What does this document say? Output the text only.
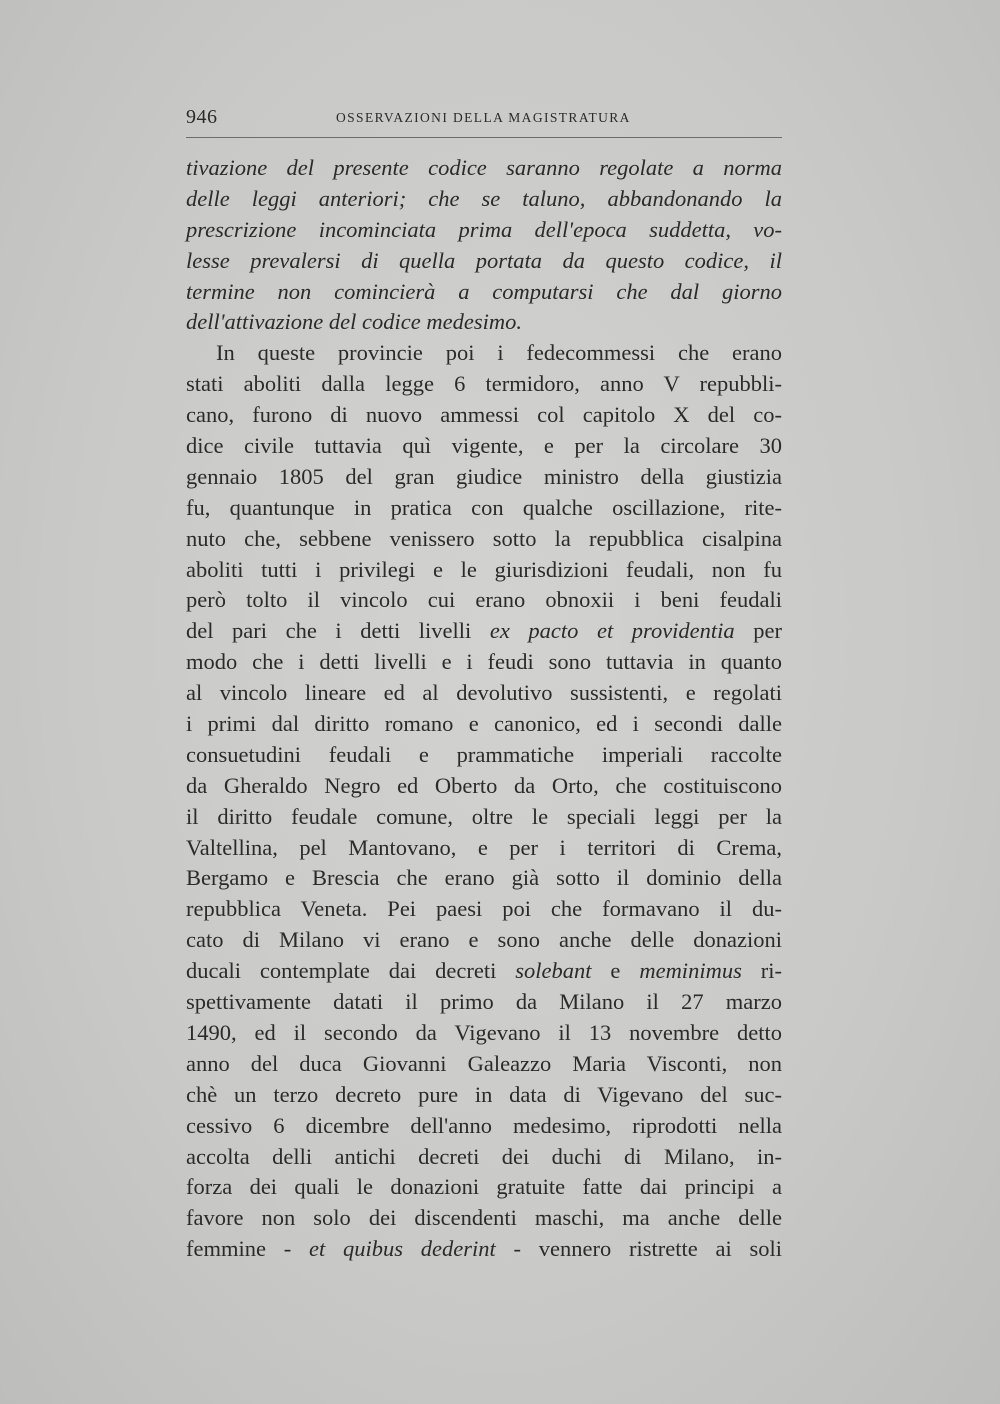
946	OSSERVAZIONI DELLA MAGISTRATURA
tivazione del presente codice saranno regolate a norma
delle leggi anteriori; che se taluno, abbandonando la
prescrizione incominciata prima dell'epoca suddetta, vo-
lesse prevalersi di quella portata da questo codice, il
termine non comincierà a computarsi che dal giorno
dell'attivazione del codice medesimo.
In queste provincie poi i fedecommessi che erano
stati aboliti dalla legge 6 termidoro, anno V repubbli-
cano, furono di nuovo ammessi col capitolo X del co-
dice civile tuttavia quì vigente, e per la circolare 30
gennaio 1805 del gran giudice ministro della giustizia
fu, quantunque in pratica con qualche oscillazione, rite-
nuto che, sebbene venissero sotto la repubblica cisalpina
aboliti tutti i privilegi e le giurisdizioni feudali, non fu
però tolto il vincolo cui erano obnoxii i beni feudali
del pari che i detti livelli ex pacto et providentia per
modo che i detti livelli e i feudi sono tuttavia in quanto
al vincolo lineare ed al devolutivo sussistenti, e regolati
i primi dal diritto romano e canonico, ed i secondi dalle
consuetudini feudali e prammatiche imperiali raccolte
da Gheraldo Negro ed Oberto da Orto, che costituiscono
il diritto feudale comune, oltre le speciali leggi per la
Valtellina, pel Mantovano, e per i territori di Crema,
Bergamo e Brescia che erano già sotto il dominio della
repubblica Veneta. Pei paesi poi che formavano il du-
cato di Milano vi erano e sono anche delle donazioni
ducali contemplate dai decreti solebant e meminimus ri-
spettivamente datati il primo da Milano il 27 marzo
1490, ed il secondo da Vigevano il 13 novembre detto
anno del duca Giovanni Galeazzo Maria Visconti, non
chè un terzo decreto pure in data di Vigevano del suc-
cessivo 6 dicembre dell'anno medesimo, riprodotti nella
accolta delli antichi decreti dei duchi di Milano, in-
forza dei quali le donazioni gratuite fatte dai principi a
favore non solo dei discendenti maschi, ma anche delle
femmine - et quibus dederint - vennero ristrette ai soli
